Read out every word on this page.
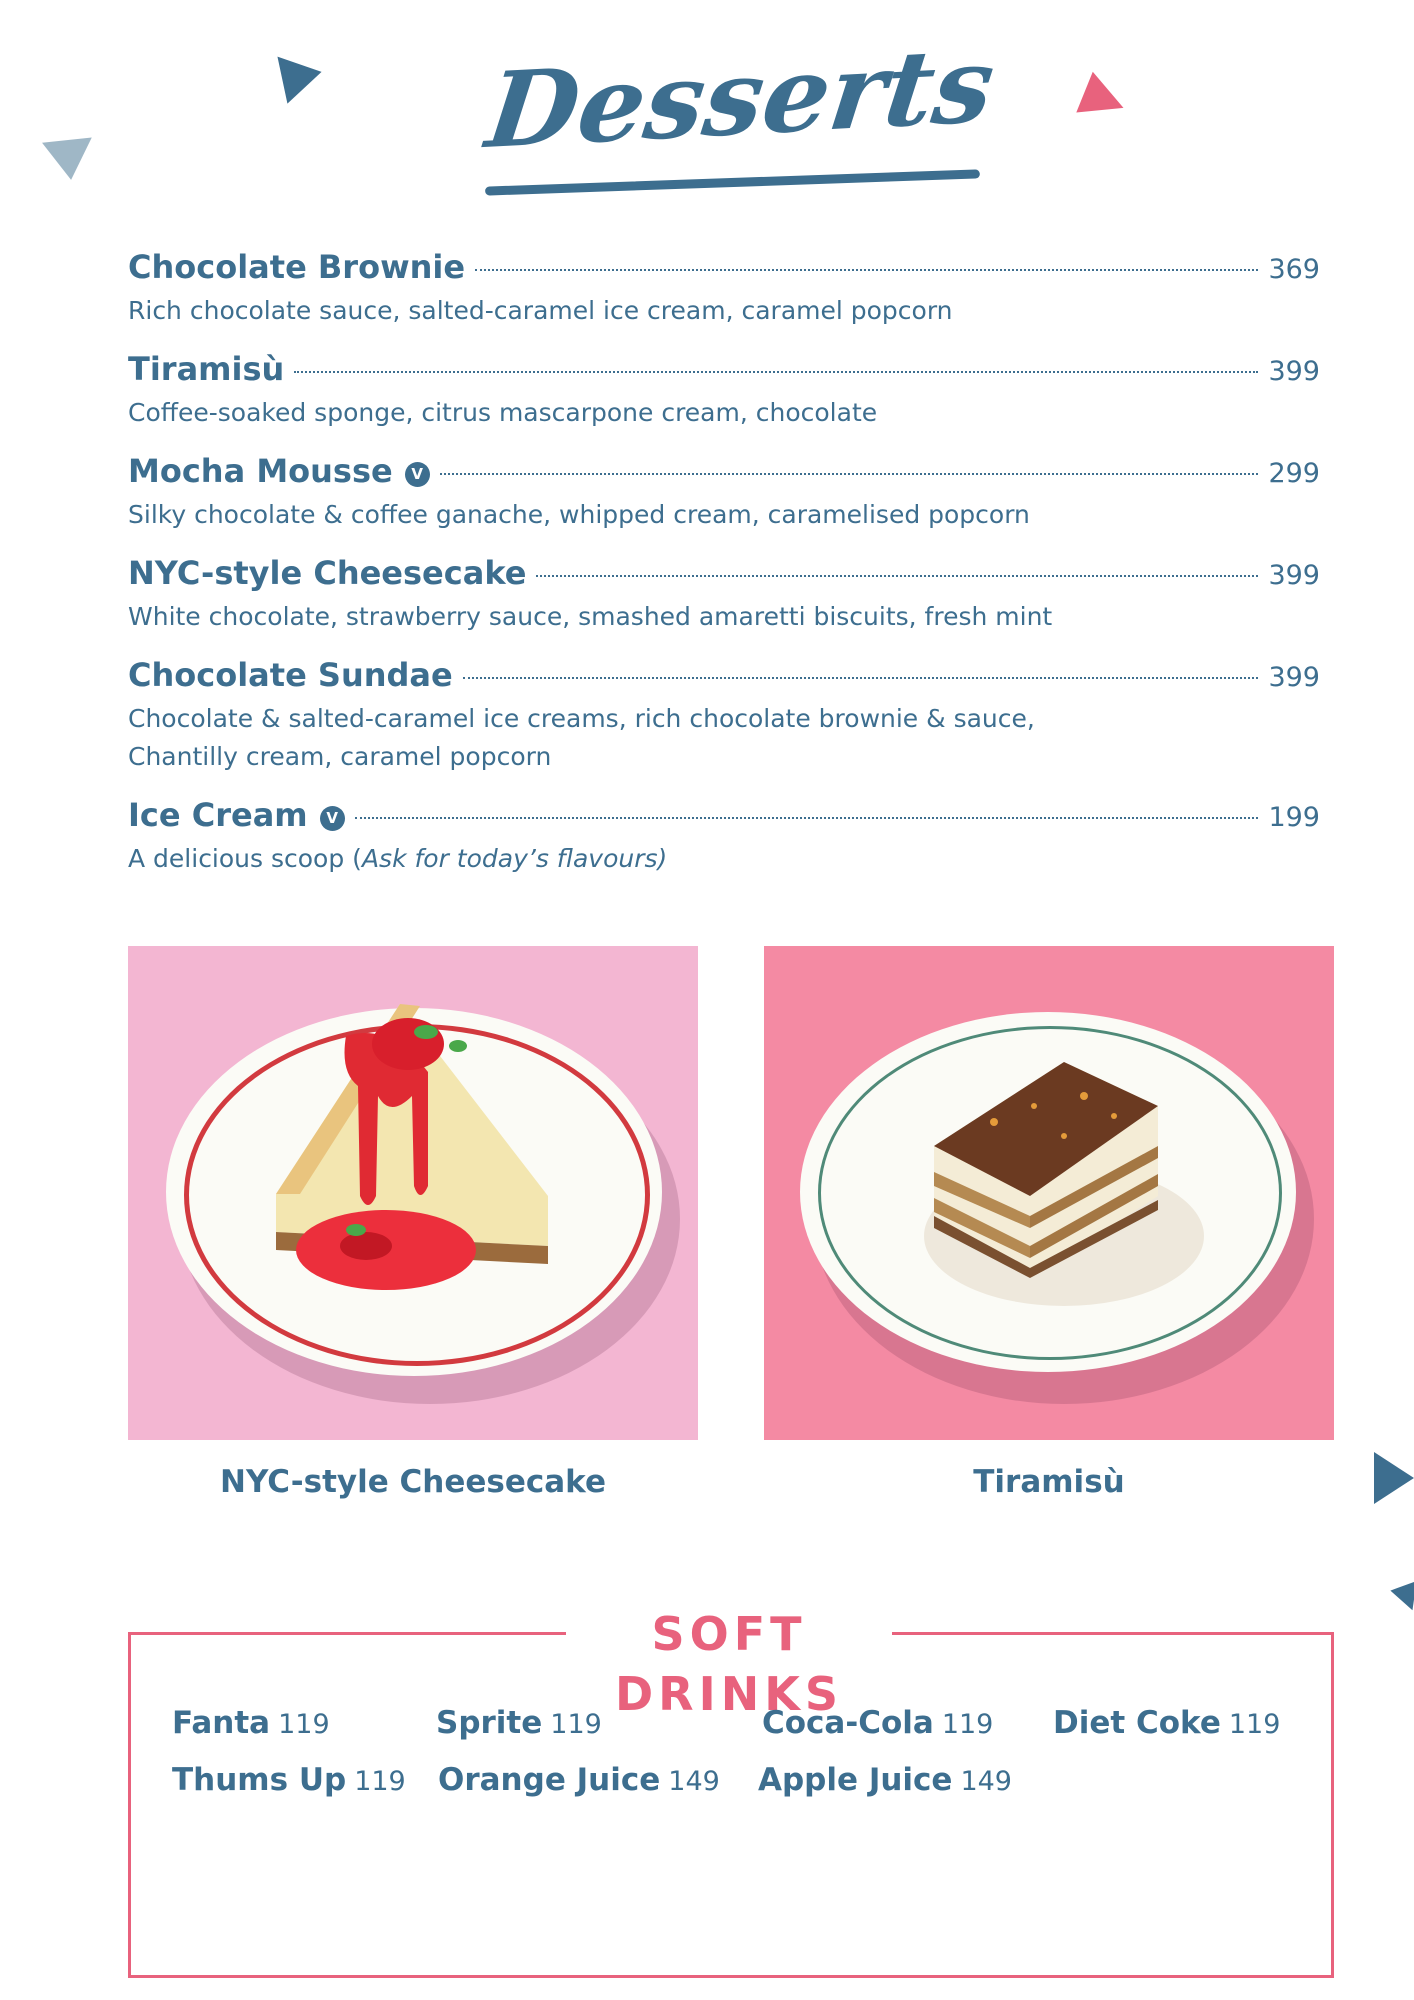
Desserts
Chocolate Brownie	369
Rich chocolate sauce, salted-caramel ice cream, caramel popcorn
Tiramisù	399
Coffee-soaked sponge, citrus mascarpone cream, chocolate
Mocha Mousse	V	299
Silky chocolate & coffee ganache, whipped cream, caramelised popcorn
NYC-style Cheesecake	399
White chocolate, strawberry sauce, smashed amaretti biscuits, fresh mint
Chocolate Sundae	399
Chocolate & salted-caramel ice creams, rich chocolate brownie & sauce,
Chantilly cream, caramel popcorn
Ice Cream	V	199
A delicious scoop (Ask for today’s flavours)
NYC-style Cheesecake	Tiramisù
SOFT DRINKS
Fanta 119	Sprite 119	Coca-Cola 119 Diet Coke 119
Thums Up 119 Orange Juice 149 Apple Juice 149
